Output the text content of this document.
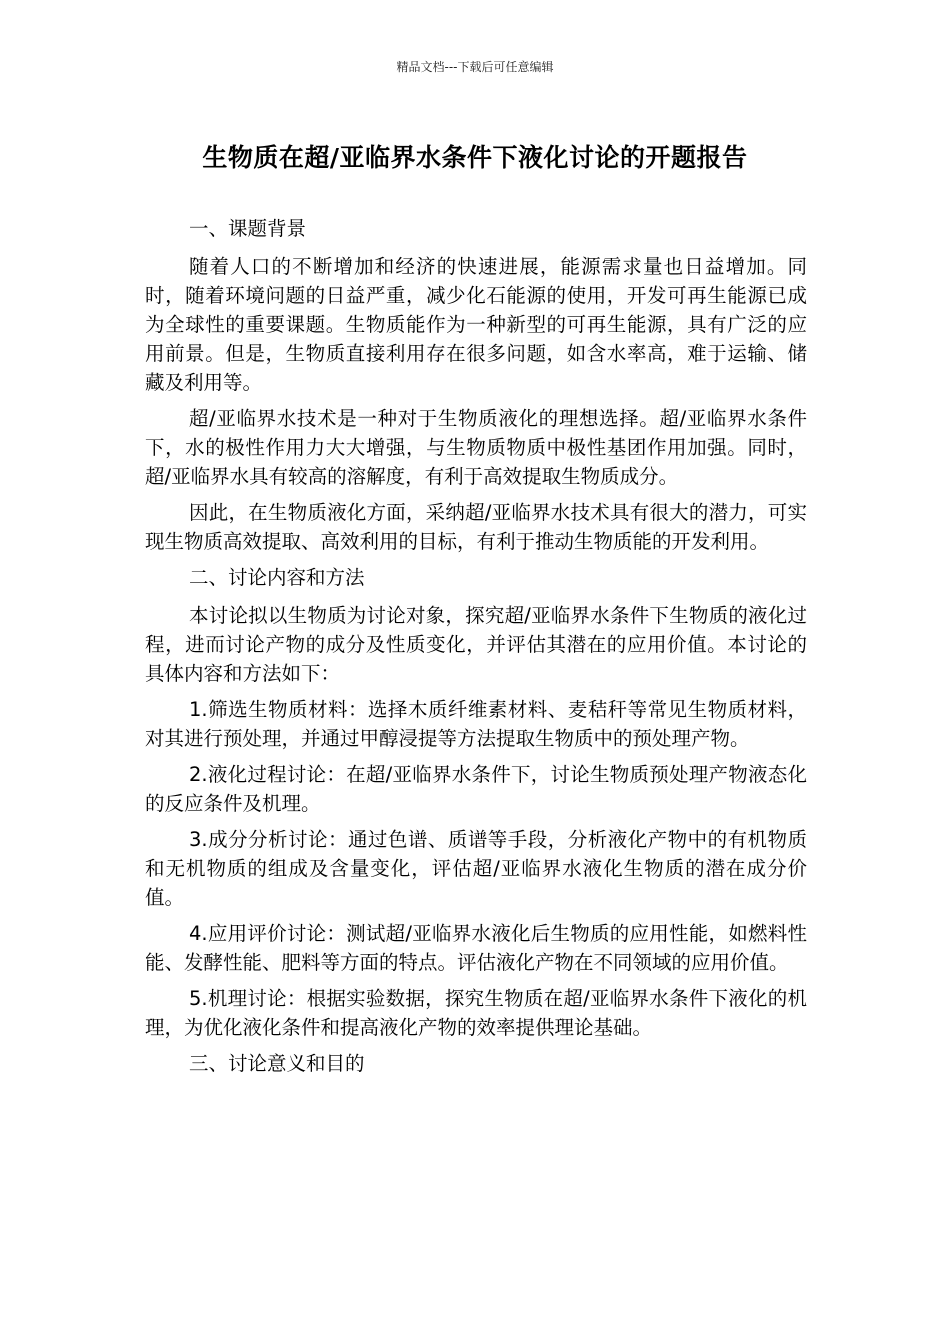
精品文档---下载后可任意编辑
生物质在超/亚临界水条件下液化讨论的开题报告

一、课题背景

随着人口的不断增加和经济的快速进展，能源需求量也日益增加。同时，随着环境问题的日益严重，减少化石能源的使用，开发可再生能源已成为全球性的重要课题。生物质能作为一种新型的可再生能源，具有广泛的应用前景。但是，生物质直接利用存在很多问题，如含水率高，难于运输、储藏及利用等。

超/亚临界水技术是一种对于生物质液化的理想选择。超/亚临界水条件下，水的极性作用力大大增强，与生物质物质中极性基团作用加强。同时，超/亚临界水具有较高的溶解度，有利于高效提取生物质成分。

因此，在生物质液化方面，采纳超/亚临界水技术具有很大的潜力，可实现生物质高效提取、高效利用的目标，有利于推动生物质能的开发利用。

二、讨论内容和方法

本讨论拟以生物质为讨论对象，探究超/亚临界水条件下生物质的液化过程，进而讨论产物的成分及性质变化，并评估其潜在的应用价值。本讨论的具体内容和方法如下：

1.筛选生物质材料：选择木质纤维素材料、麦秸秆等常见生物质材料，对其进行预处理，并通过甲醇浸提等方法提取生物质中的预处理产物。

2.液化过程讨论：在超/亚临界水条件下，讨论生物质预处理产物液态化的反应条件及机理。

3.成分分析讨论：通过色谱、质谱等手段，分析液化产物中的有机物质和无机物质的组成及含量变化，评估超/亚临界水液化生物质的潜在成分价值。

4.应用评价讨论：测试超/亚临界水液化后生物质的应用性能，如燃料性能、发酵性能、肥料等方面的特点。评估液化产物在不同领域的应用价值。

5.机理讨论：根据实验数据，探究生物质在超/亚临界水条件下液化的机理，为优化液化条件和提高液化产物的效率提供理论基础。

三、讨论意义和目的
